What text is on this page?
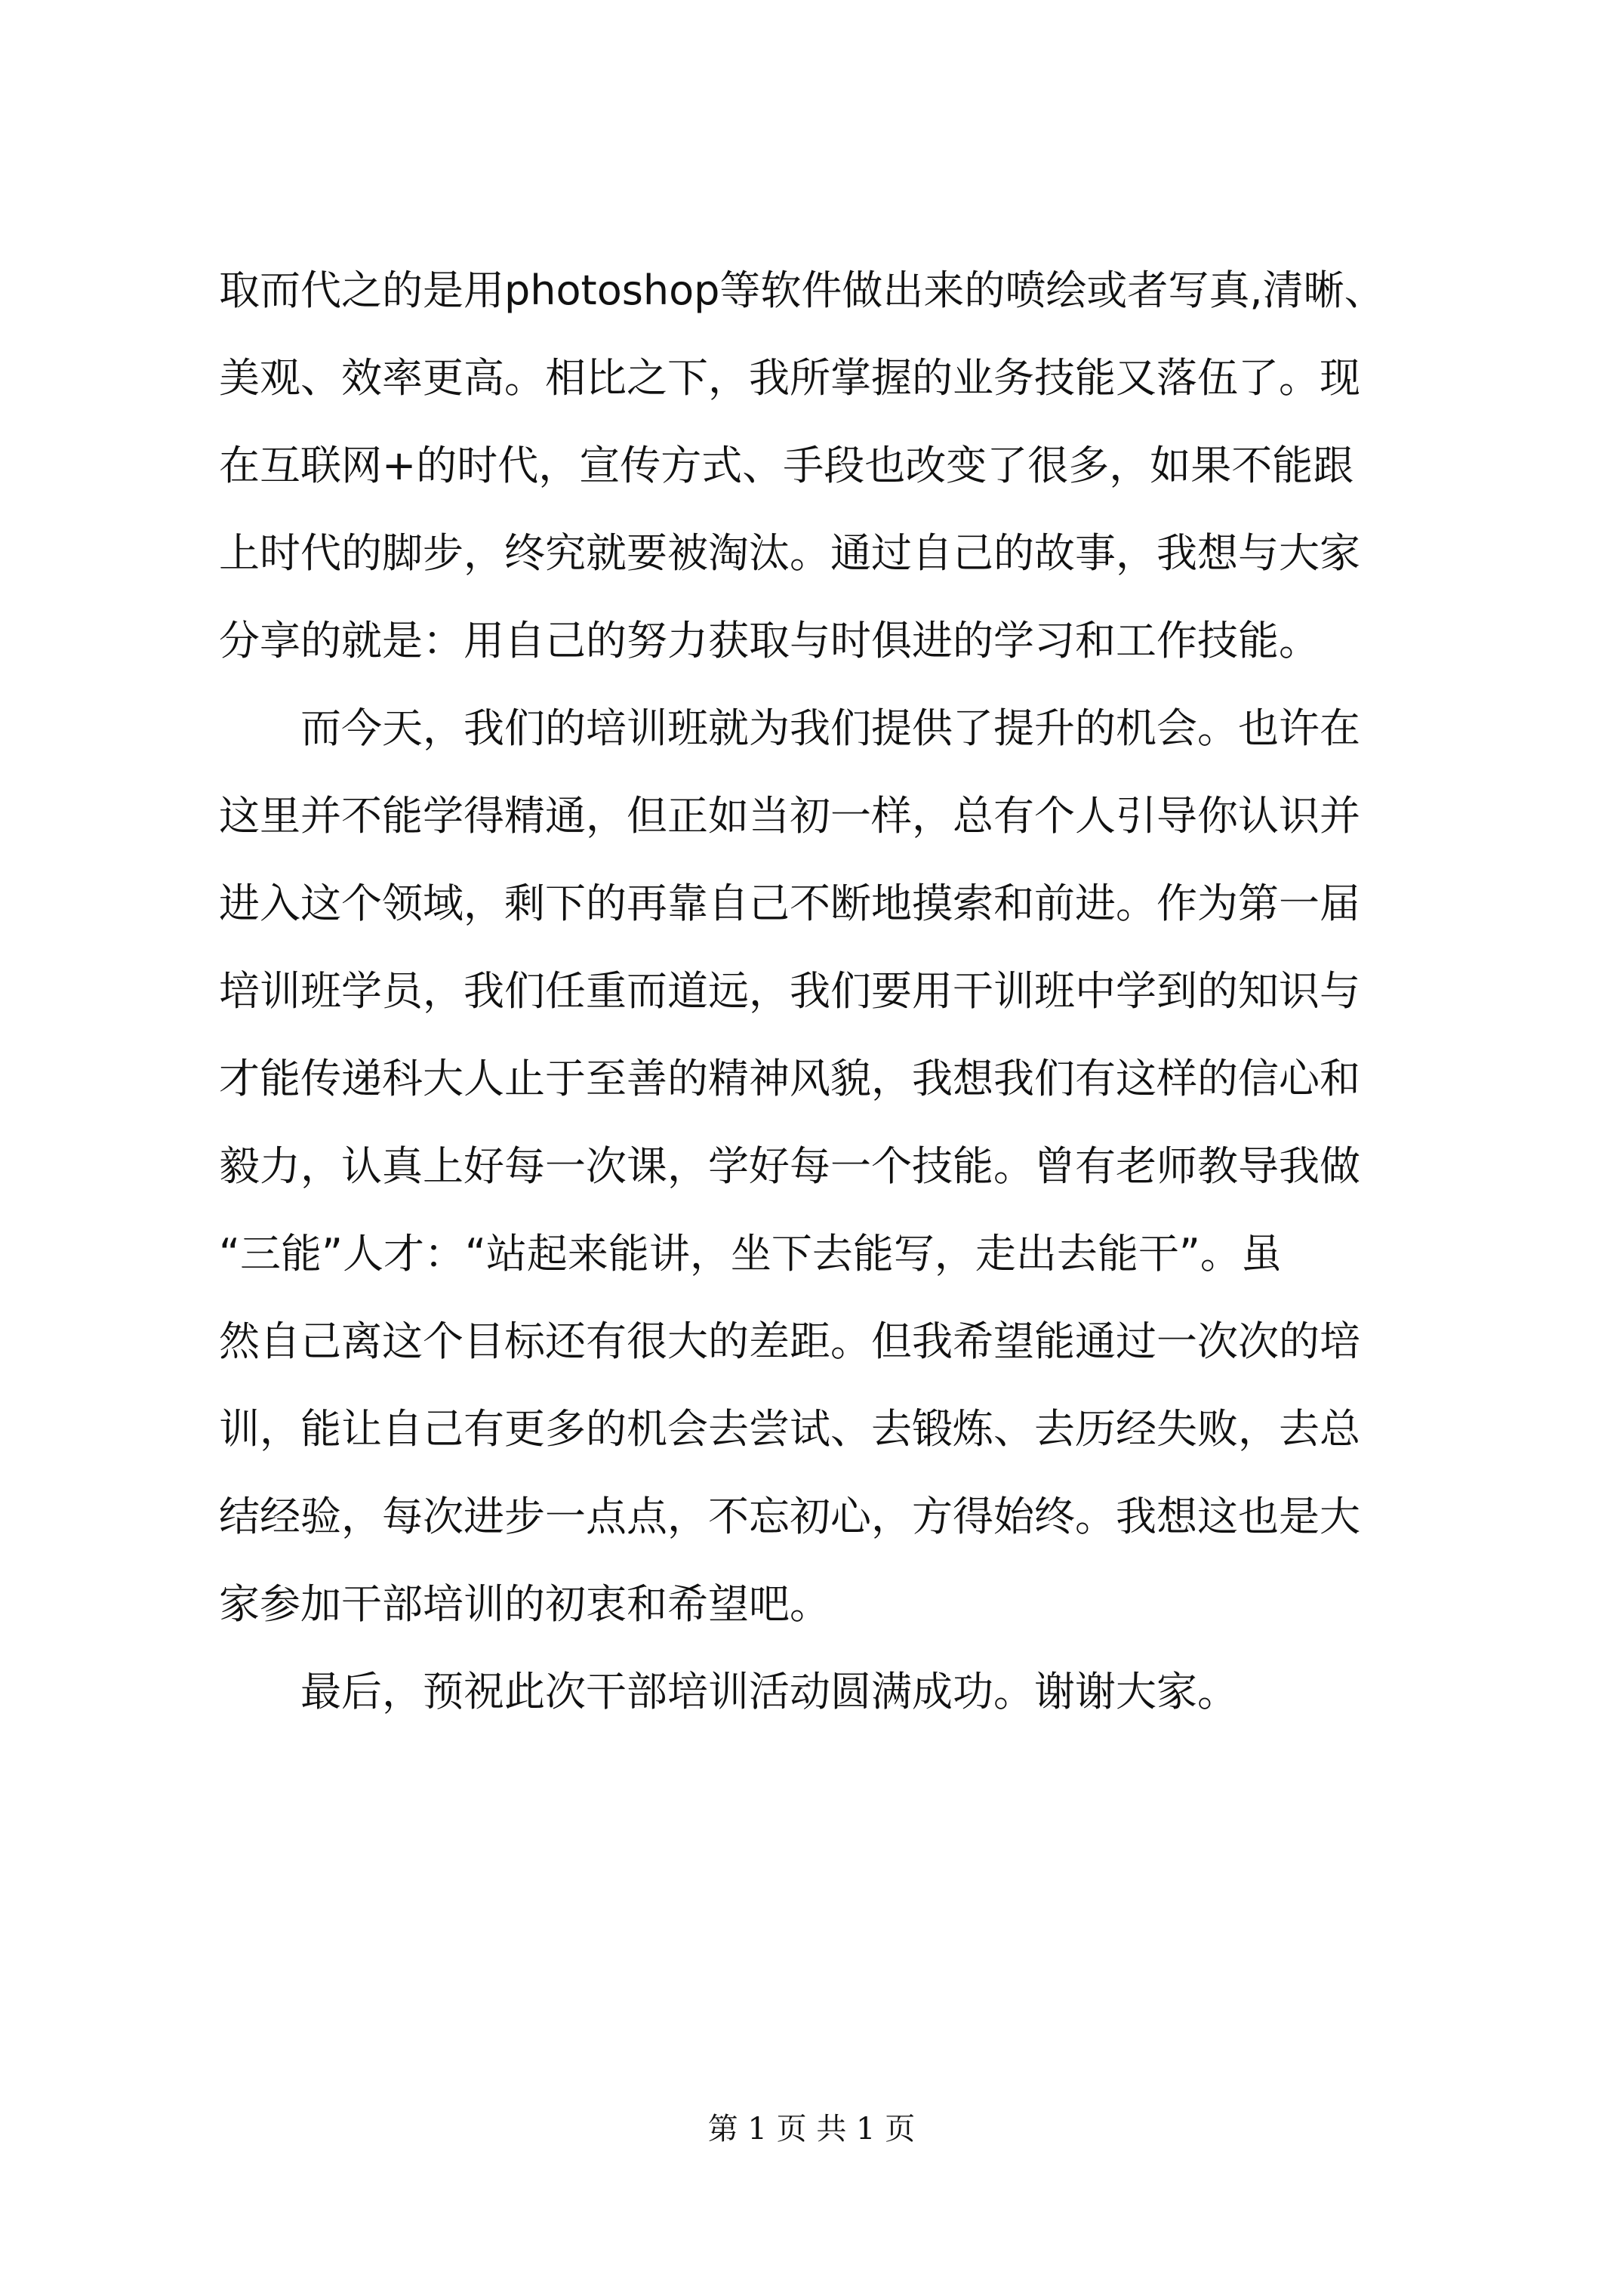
取而代之的是用photoshop等软件做出来的喷绘或者写真,清晰、
美观、效率更高。相比之下，我所掌握的业务技能又落伍了。现
在互联网+的时代，宣传方式、手段也改变了很多，如果不能跟
上时代的脚步，终究就要被淘汰。通过自己的故事，我想与大家
分享的就是：用自己的努力获取与时俱进的学习和工作技能。
　　而今天，我们的培训班就为我们提供了提升的机会。也许在
这里并不能学得精通，但正如当初一样，总有个人引导你认识并
进入这个领域，剩下的再靠自己不断地摸索和前进。作为第一届
培训班学员，我们任重而道远，我们要用干训班中学到的知识与
才能传递科大人止于至善的精神风貌，我想我们有这样的信心和
毅力，认真上好每一次课，学好每一个技能。曾有老师教导我做
“三能”人才：“站起来能讲，坐下去能写，走出去能干”。虽
然自己离这个目标还有很大的差距。但我希望能通过一次次的培
训，能让自己有更多的机会去尝试、去锻炼、去历经失败，去总
结经验，每次进步一点点，不忘初心，方得始终。我想这也是大
家参加干部培训的初衷和希望吧。
　　最后，预祝此次干部培训活动圆满成功。谢谢大家。
第 1 页 共 1 页
